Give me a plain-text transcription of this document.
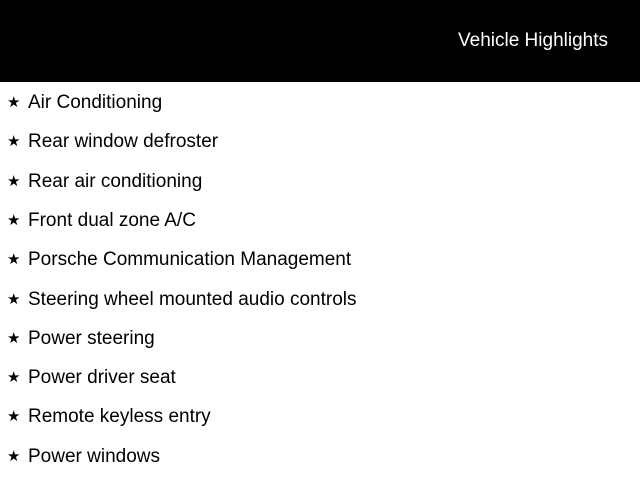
Vehicle Highlights
★ Air Conditioning
★ Rear window defroster
★ Rear air conditioning
★ Front dual zone A/C
★ Porsche Communication Management
★ Steering wheel mounted audio controls
★ Power steering
★ Power driver seat
★ Remote keyless entry
★ Power windows
